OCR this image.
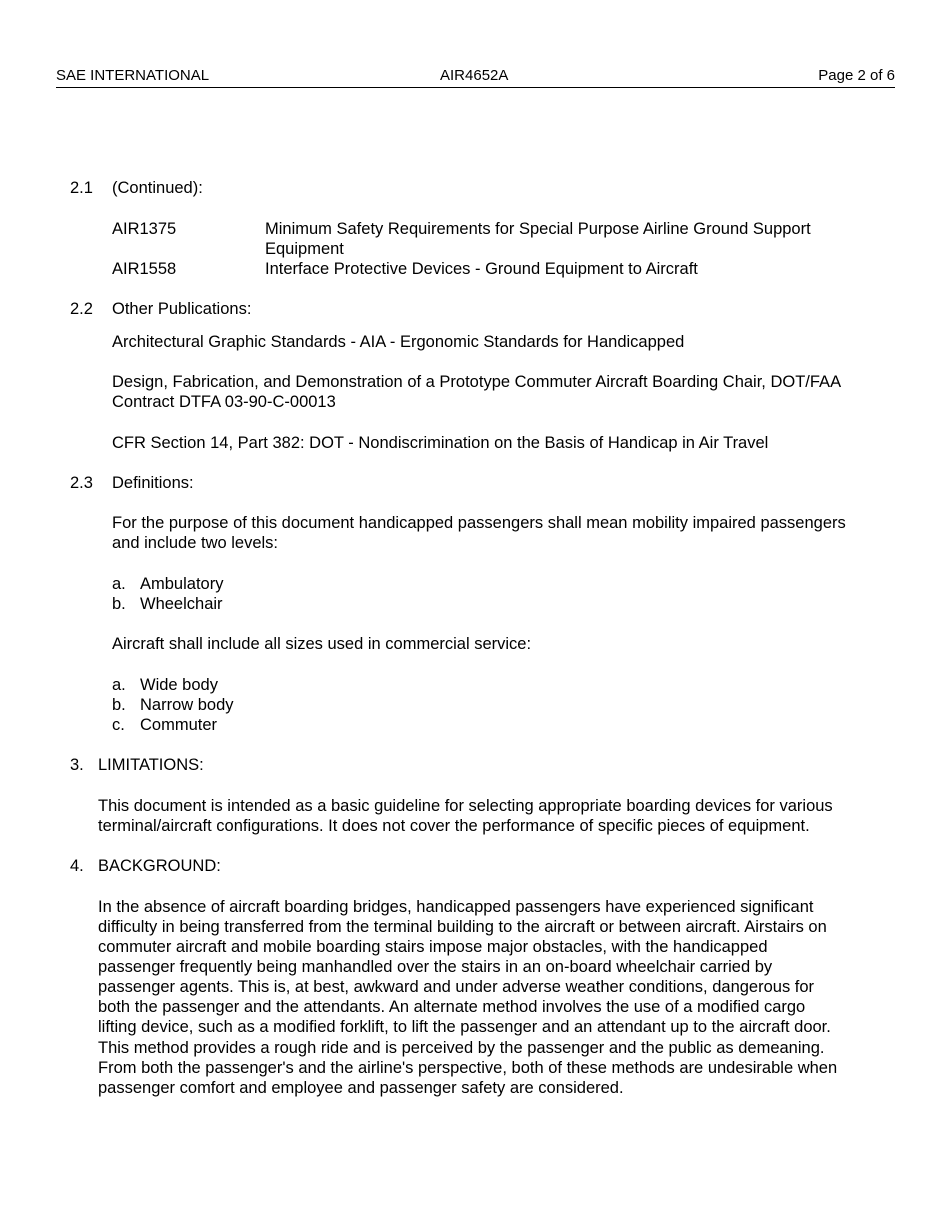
SAE INTERNATIONAL	AIR4652A	Page 2 of 6
2.1 (Continued):
AIR1375	Minimum Safety Requirements for Special Purpose Airline Ground Support
Equipment
AIR1558	Interface Protective Devices - Ground Equipment to Aircraft
2.2 Other Publications:
Architectural Graphic Standards - AIA - Ergonomic Standards for Handicapped
Design, Fabrication, and Demonstration of a Prototype Commuter Aircraft Boarding Chair, DOT/FAA
Contract DTFA 03-90-C-00013
CFR Section 14, Part 382: DOT - Nondiscrimination on the Basis of Handicap in Air Travel
2.3 Definitions:
For the purpose of this document handicapped passengers shall mean mobility impaired passengers
and include two levels:
a. Ambulatory
b. Wheelchair
Aircraft shall include all sizes used in commercial service:
a. Wide body
b. Narrow body
c. Commuter
3. LIMITATIONS:
This document is intended as a basic guideline for selecting appropriate boarding devices for various
terminal/aircraft configurations. It does not cover the performance of specific pieces of equipment.
4. BACKGROUND:
In the absence of aircraft boarding bridges, handicapped passengers have experienced significant
difficulty in being transferred from the terminal building to the aircraft or between aircraft. Airstairs on
commuter aircraft and mobile boarding stairs impose major obstacles, with the handicapped
passenger frequently being manhandled over the stairs in an on-board wheelchair carried by
passenger agents. This is, at best, awkward and under adverse weather conditions, dangerous for
both the passenger and the attendants. An alternate method involves the use of a modified cargo
lifting device, such as a modified forklift, to lift the passenger and an attendant up to the aircraft door.
This method provides a rough ride and is perceived by the passenger and the public as demeaning.
From both the passenger's and the airline's perspective, both of these methods are undesirable when
passenger comfort and employee and passenger safety are considered.
